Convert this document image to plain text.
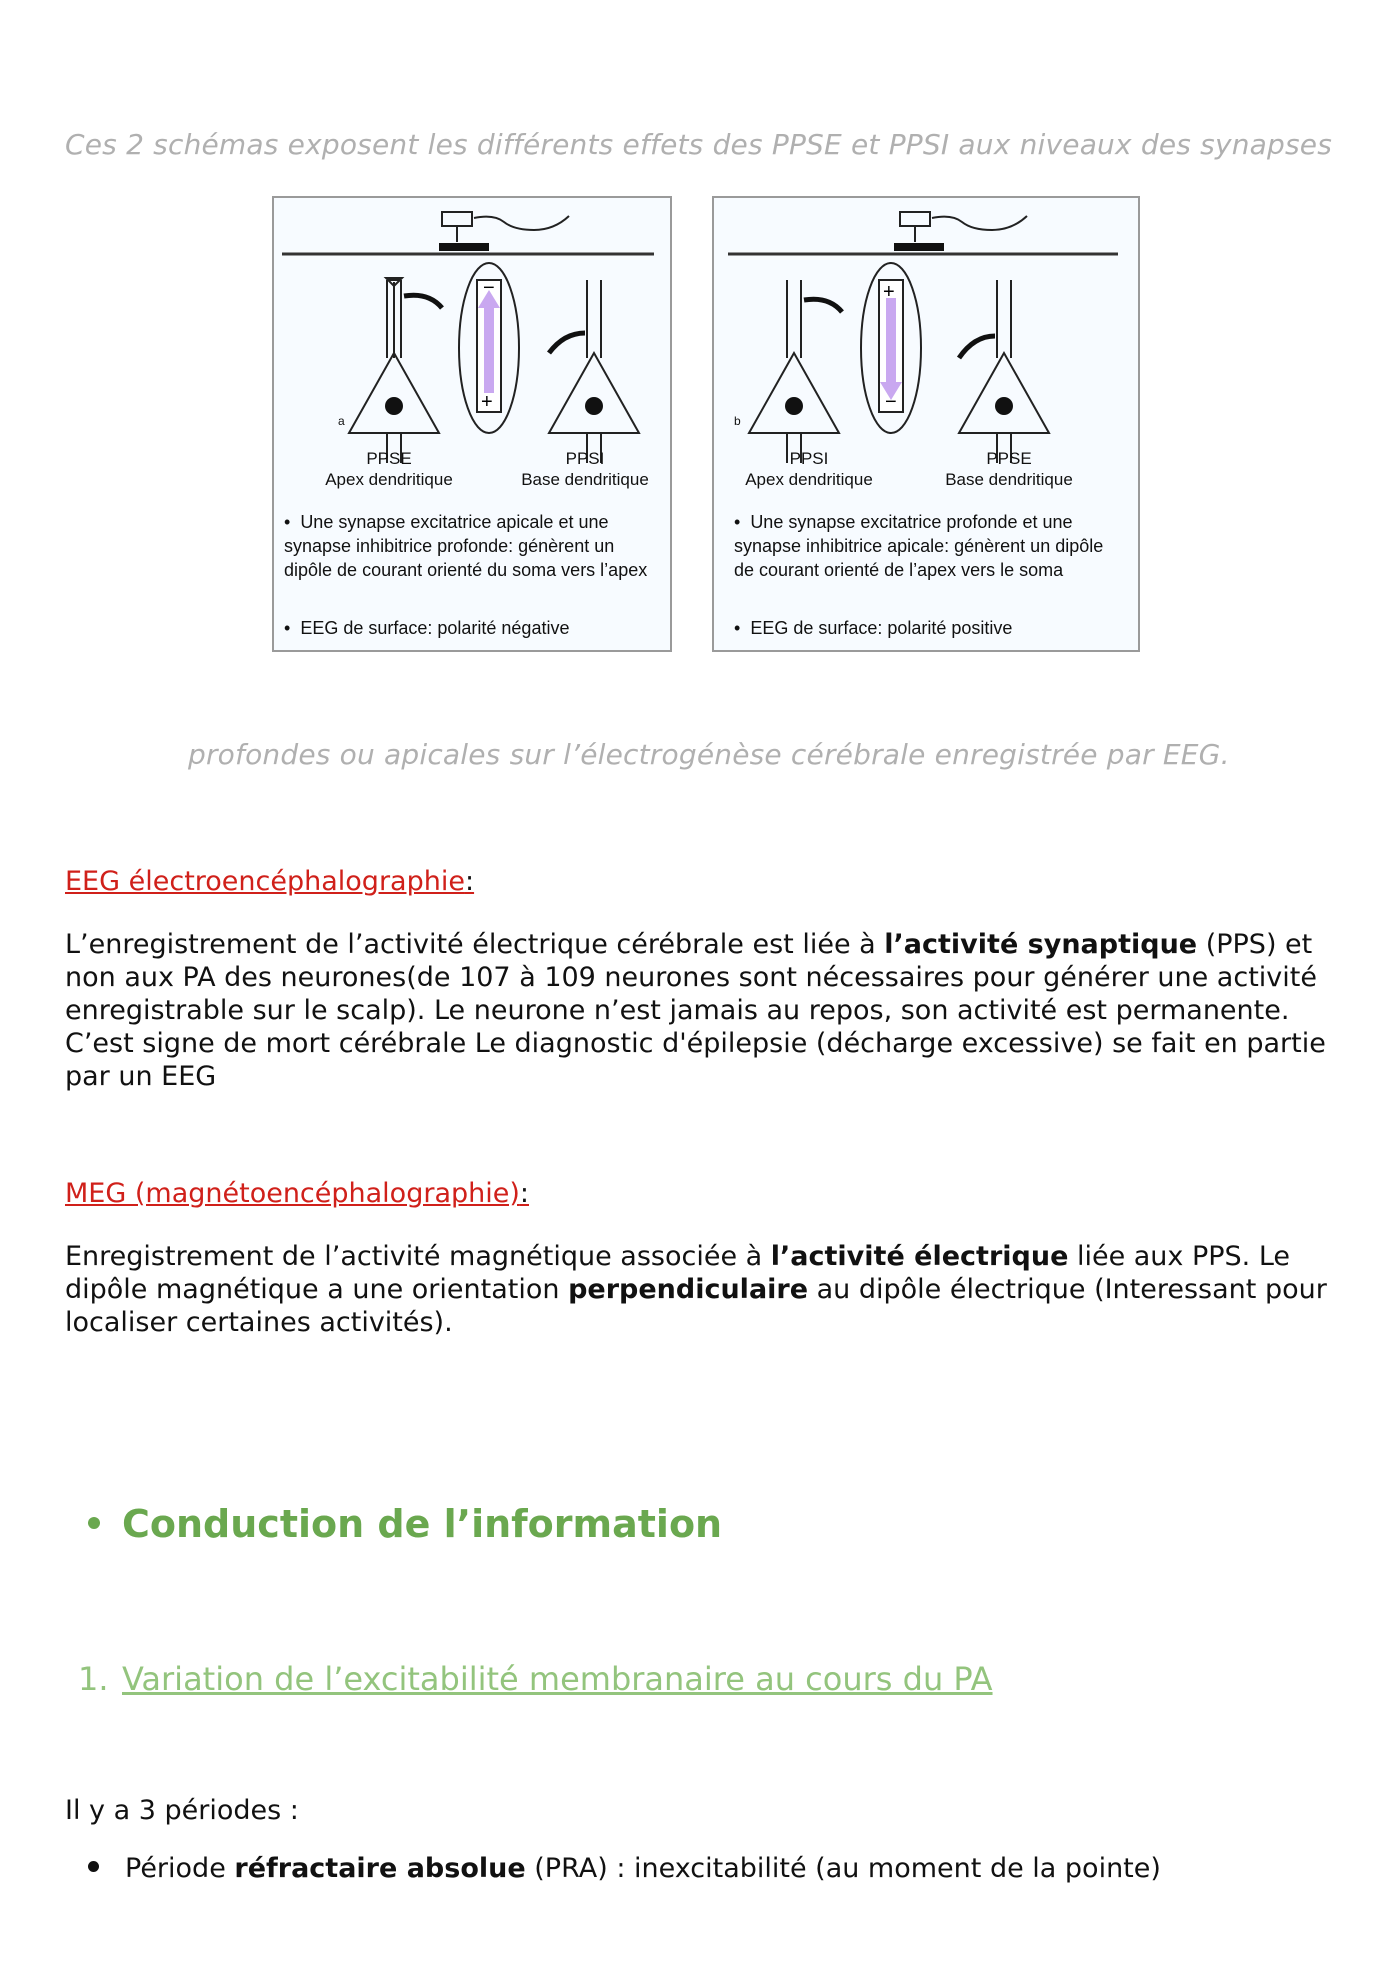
Ces 2 schémas exposent les différents effets des PPSE et PPSI aux niveaux des synapses
−
+
a
PPSE
Apex dendritique
PPSI
Base dendritique
•  Une synapse excitatrice apicale et une synapse inhibitrice profonde: génèrent un dipôle de courant orienté du soma vers l’apex
•  EEG de surface: polarité négative
+
−
b
PPSI
Apex dendritique
PPSE
Base dendritique
•  Une synapse excitatrice profonde et une synapse inhibitrice apicale: génèrent un dipôle de courant orienté de l’apex vers le soma
•  EEG de surface: polarité positive
profondes ou apicales sur l’électrogénèse cérébrale enregistrée par EEG.
EEG électroencéphalographie:
L’enregistrement de l’activité électrique cérébrale est liée à l’activité synaptique (PPS) et non aux PA des neurones(de 107 à 109 neurones sont nécessaires pour générer une activité enregistrable sur le scalp). Le neurone n’est jamais au repos, son activité est permanente. C’est signe de mort cérébrale Le diagnostic d'épilepsie (décharge excessive) se fait en partie par un EEG
MEG (magnétoencéphalographie):
Enregistrement de l’activité magnétique associée à l’activité électrique liée aux PPS. Le dipôle magnétique a une orientation perpendiculaire au dipôle électrique (Interessant pour localiser certaines activités).
Conduction de l’information
1. Variation de l’excitabilité membranaire au cours du PA
Il y a 3 périodes :
Période réfractaire absolue (PRA) : inexcitabilité (au moment de la pointe)
